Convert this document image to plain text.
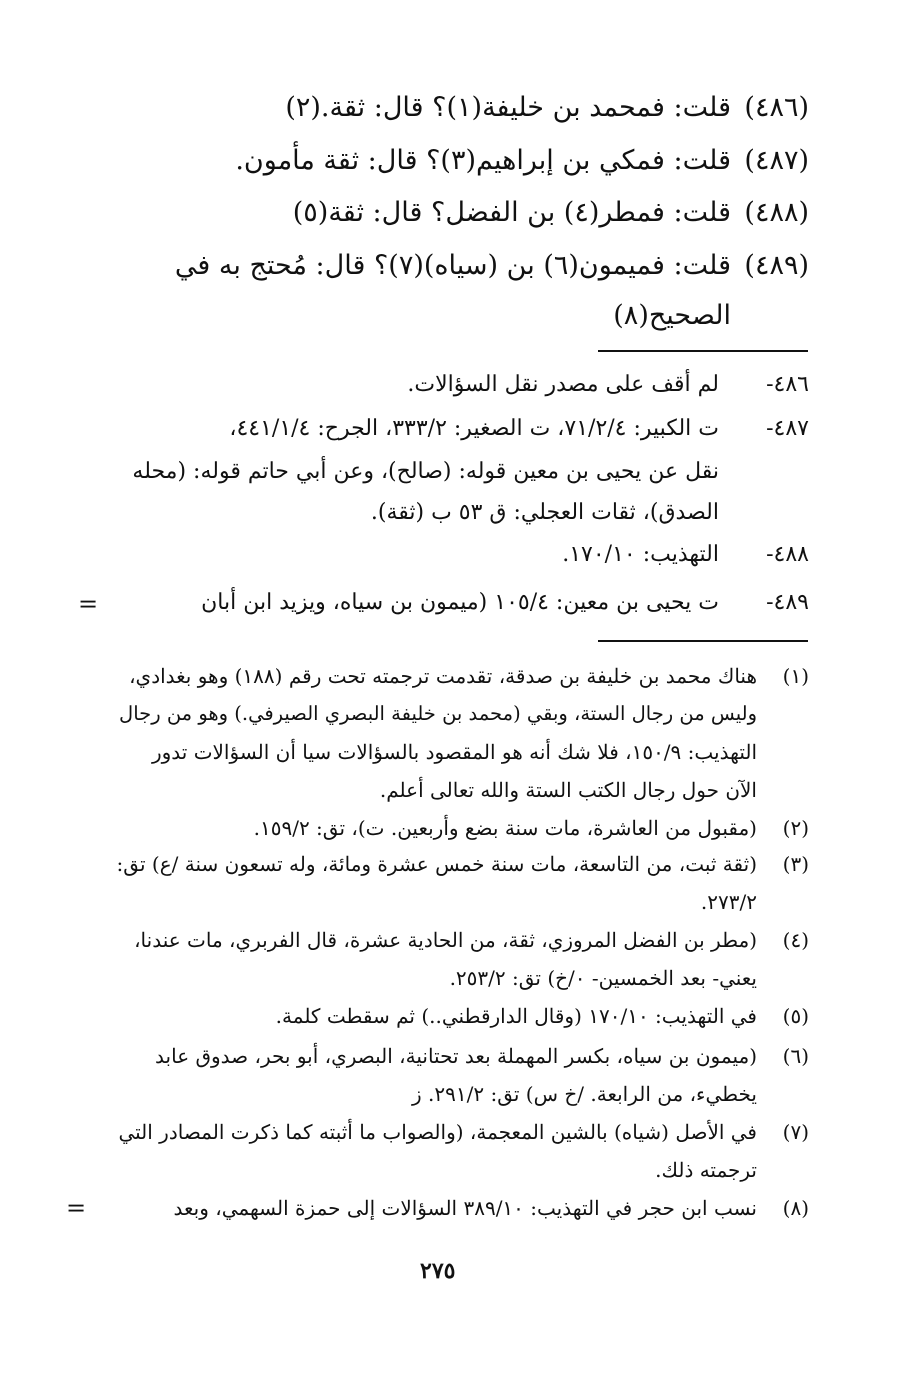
(٤٨٦)قلت: فمحمد بن خليفة(١)؟ قال: ثقة.(٢)
(٤٨٧)قلت: فمكي بن إبراهيم(٣)؟ قال: ثقة مأمون.
(٤٨٨)قلت: فمطر(٤) بن الفضل؟ قال: ثقة(٥)
(٤٨٩)قلت: فميمون(٦) بن (سياه)(٧)؟ قال: مُحتج به في
الصحيح(٨)
٤٨٦-لم أقف على مصدر نقل السؤالات.
٤٨٧-ت الكبير: ٧١/٢/٤، ت الصغير: ٣٣٣/٢، الجرح: ٤٤١/١/٤،
نقل عن يحيى بن معين قوله: (صالح)، وعن أبي حاتم قوله: (محله
الصدق)، ثقات العجلي: ق ٥٣ ب (ثقة).
٤٨٨-التهذيب: ١٧٠/١٠.
٤٨٩-ت يحيى بن معين: ١٠٥/٤ (ميمون بن سياه، ويزيد ابن أبان
=
(١)هناك محمد بن خليفة بن صدقة، تقدمت ترجمته تحت رقم (١٨٨) وهو بغدادي،
وليس من رجال الستة، وبقي (محمد بن خليفة البصري الصيرفي.) وهو من رجال
التهذيب: ١٥٠/٩، فلا شك أنه هو المقصود بالسؤالات سيا أن السؤالات تدور
الآن حول رجال الكتب الستة والله تعالى أعلم.
(٢)(مقبول من العاشرة، مات سنة بضع وأربعين. ت)، تق: ١٥٩/٢.
(٣)(ثقة ثبت، من التاسعة، مات سنة خمس عشرة ومائة، وله تسعون سنة /ع) تق:
٢٧٣/٢.
(٤)(مطر بن الفضل المروزي، ثقة، من الحادية عشرة، قال الفربري، مات عندنا،
يعني- بعد الخمسين- ٠/خ) تق: ٢٥٣/٢.
(٥)في التهذيب: ١٧٠/١٠ (وقال الدارقطني..) ثم سقطت كلمة.
(٦)(ميمون بن سياه، بكسر المهملة بعد تحتانية، البصري، أبو بحر، صدوق عابد
يخطيء، من الرابعة. /خ س) تق: ٢٩١/٢. ز
(٧)في الأصل (شياه) بالشين المعجمة، (والصواب ما أثبته كما ذكرت المصادر التي
ترجمته ذلك.
(٨)نسب ابن حجر في التهذيب: ٣٨٩/١٠ السؤالات إلى حمزة السهمي، وبعد
=
٢٧٥
